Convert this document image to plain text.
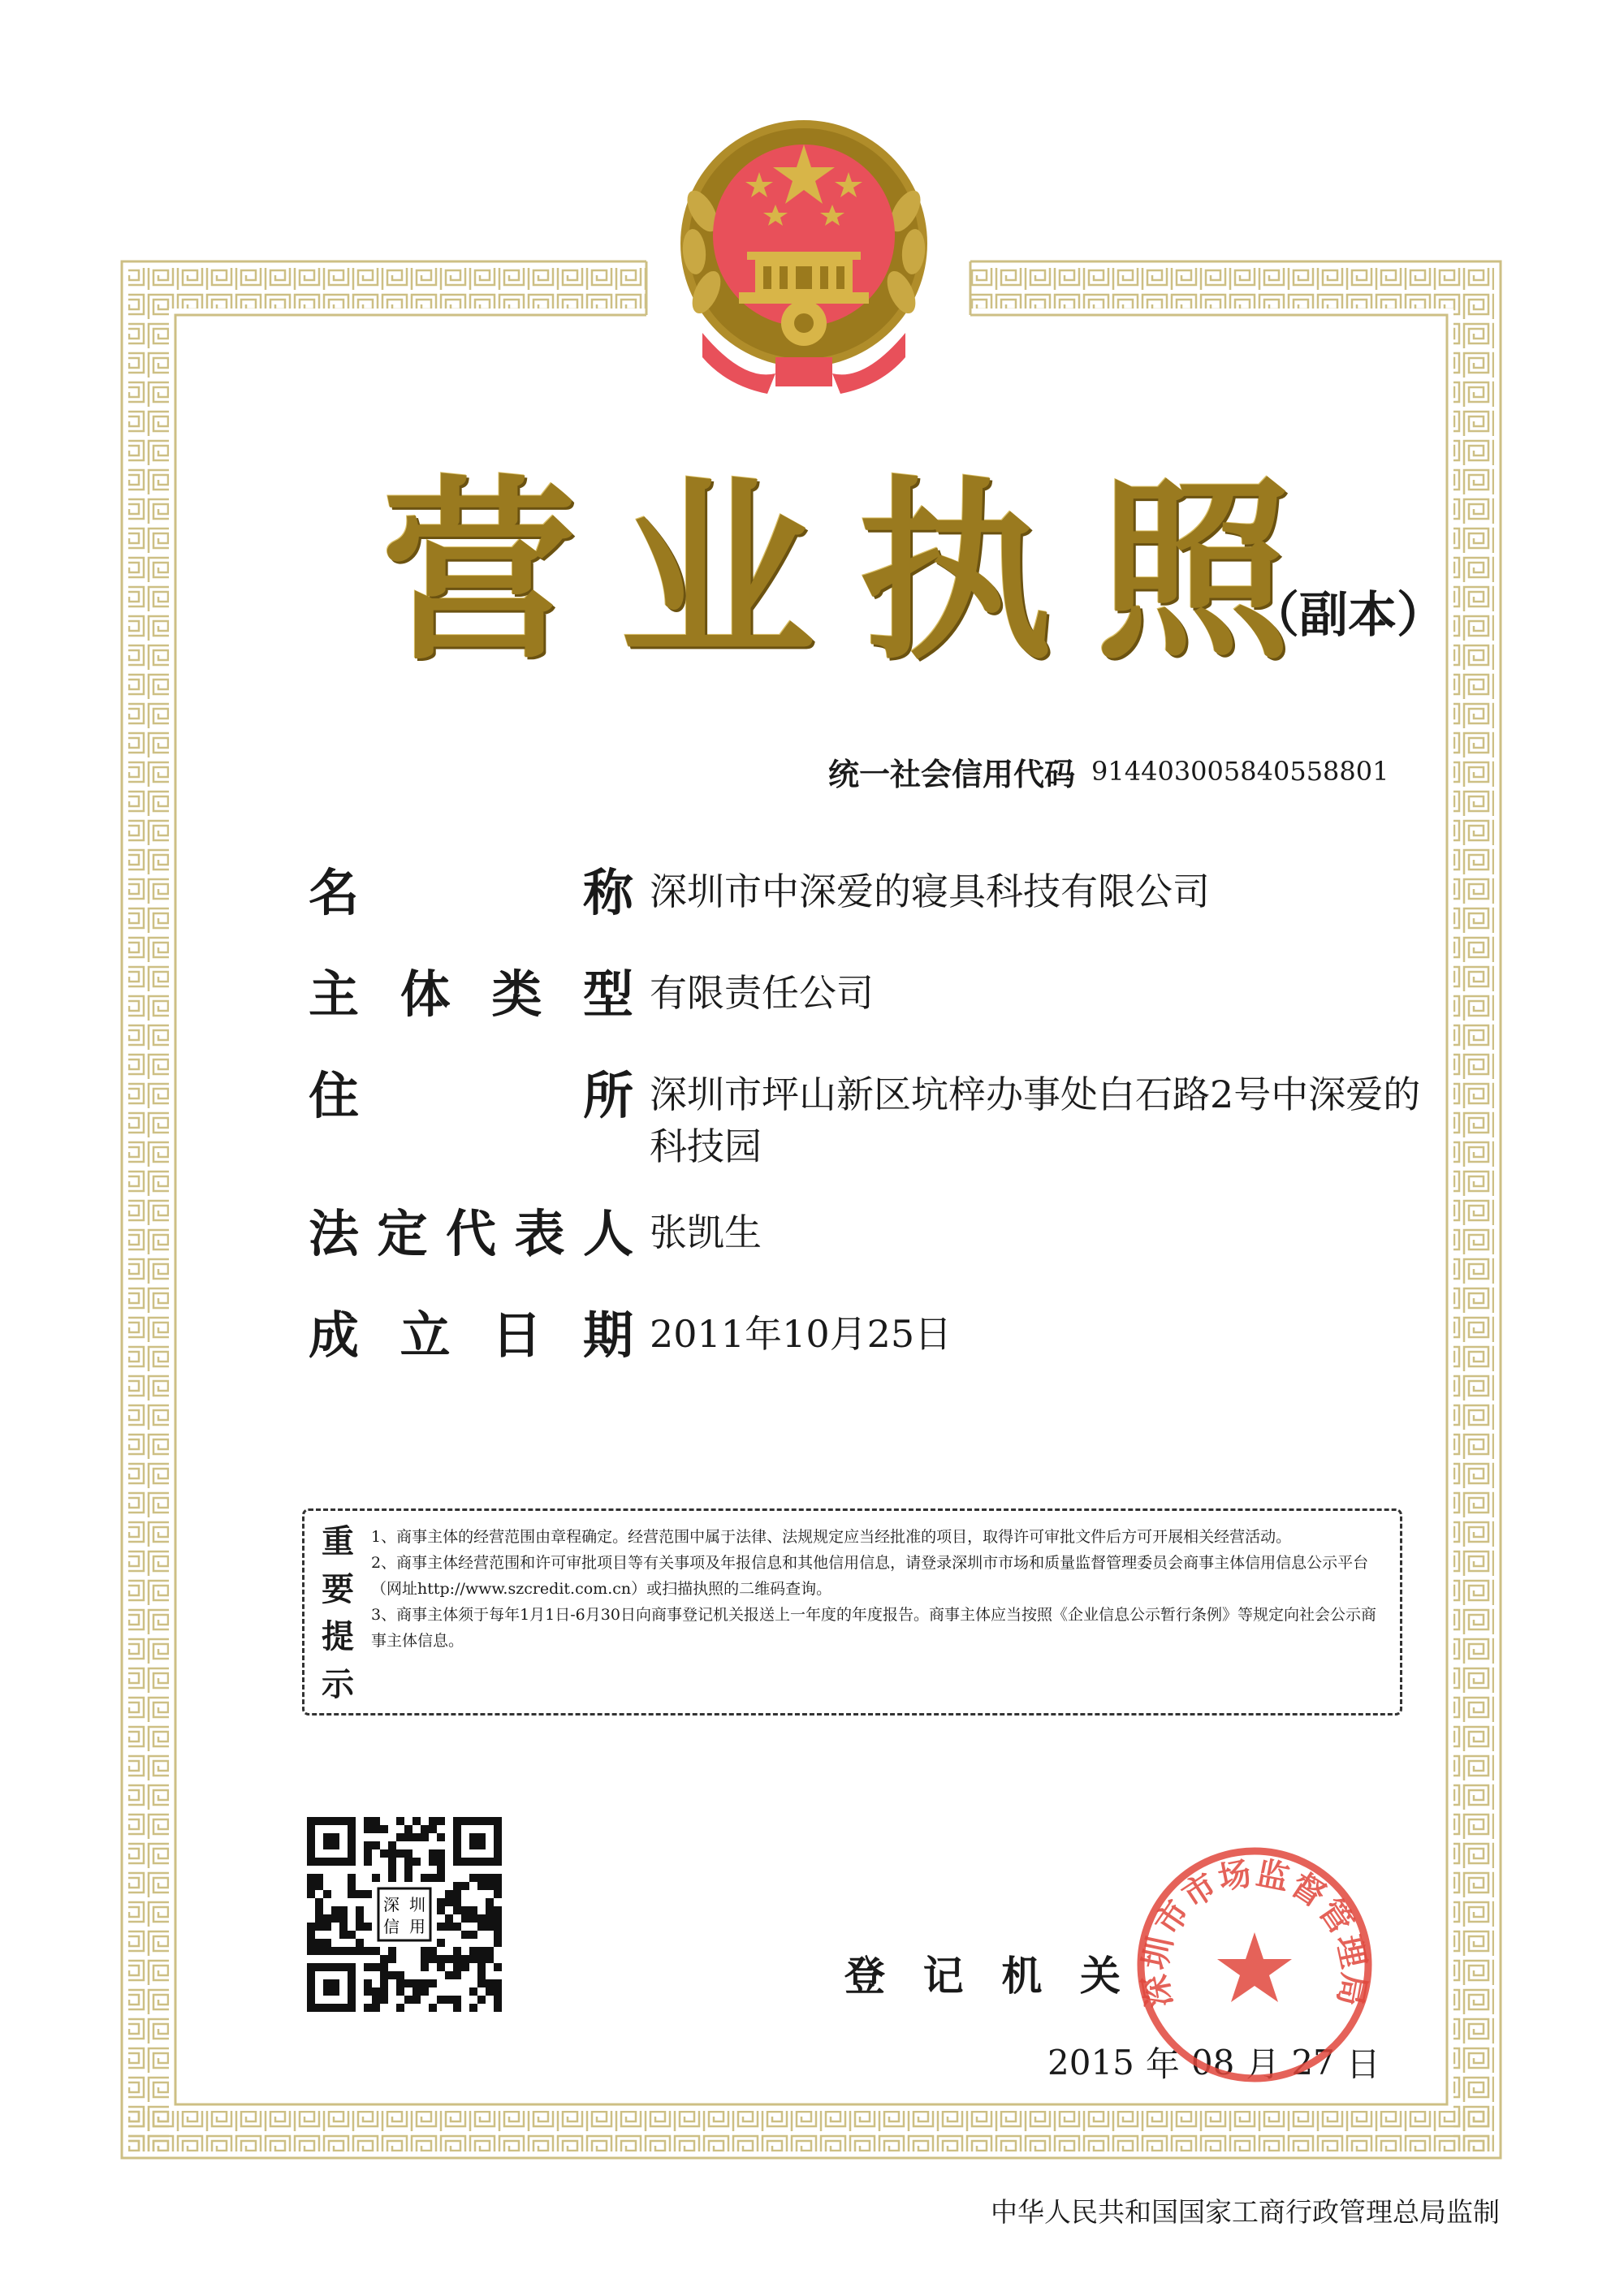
营 业 执 照
（副本）
统一社会信用代码 914403005840558801
名	称 深圳市中深爱的寝具科技有限公司
主 体 类 型 有限责任公司
住	所 深圳市坪山新区坑梓办事处白石路2号中深爱的
科技园
法 定 代 表 人 张凯生
成 立 日 期 2011年10月25日
重
要
提
示

1、商事主体的经营范围由章程确定。经营范围中属于法律、法规规定应当经批准的项目，取得许可审批文件后方可开展相关经营活动。

2、商事主体经营范围和许可审批项目等有关事项及年报信息和其他信用信息，请登录深圳市市场和质量监督管理委员会商事主体信用信息公示平台（网址http://www.szcredit.com.cn）或扫描执照的二维码查询。

3、商事主体须于每年1月1日-6月30日向商事登记机关报送上一年度的年度报告。商事主体应当按照《企业信息公示暂行条例》等规定向社会公示商事主体信息。

深 圳
信 用
登 记 机 关
2015 年 08 月 27 日
深圳市市场监督管理局
中华人民共和国国家工商行政管理总局监制
